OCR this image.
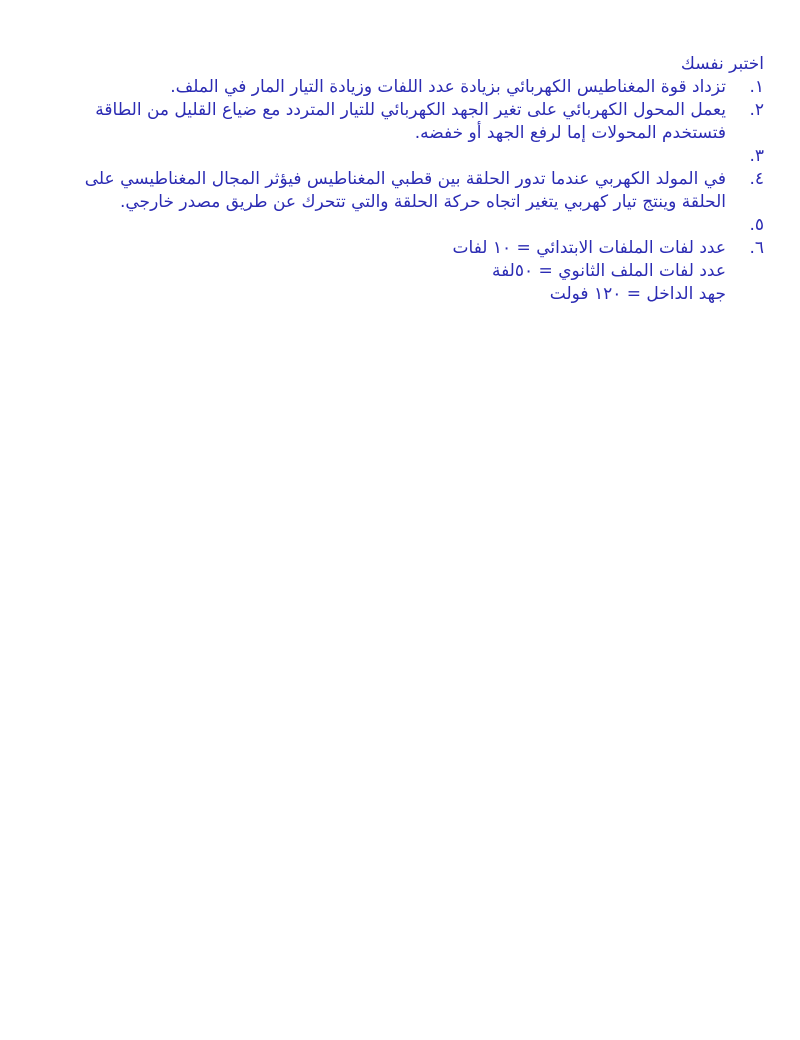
اختبر نفسك
١.
تزداد قوة المغناطيس الكهربائي بزيادة عدد اللفات وزيادة التيار المار في الملف.
٢.
يعمل المحول الكهربائي على تغير الجهد الكهربائي للتيار المتردد مع ضياع القليل من الطاقة فتستخدم المحولات إما لرفع الجهد أو خفضه.
٣.

٤.
في المولد الكهربي عندما تدور الحلقة بين قطبي المغناطيس فيؤثر المجال المغناطيسي على الحلقة وينتج تيار كهربي يتغير اتجاه حركة الحلقة والتي تتحرك عن طريق مصدر خارجي.
٥.

٦.
عدد لفات الملفات الابتدائي = ١٠ لفات
عدد لفات الملف الثانوي = ٥٠لفة
جهد الداخل = ١٢٠ فولت
